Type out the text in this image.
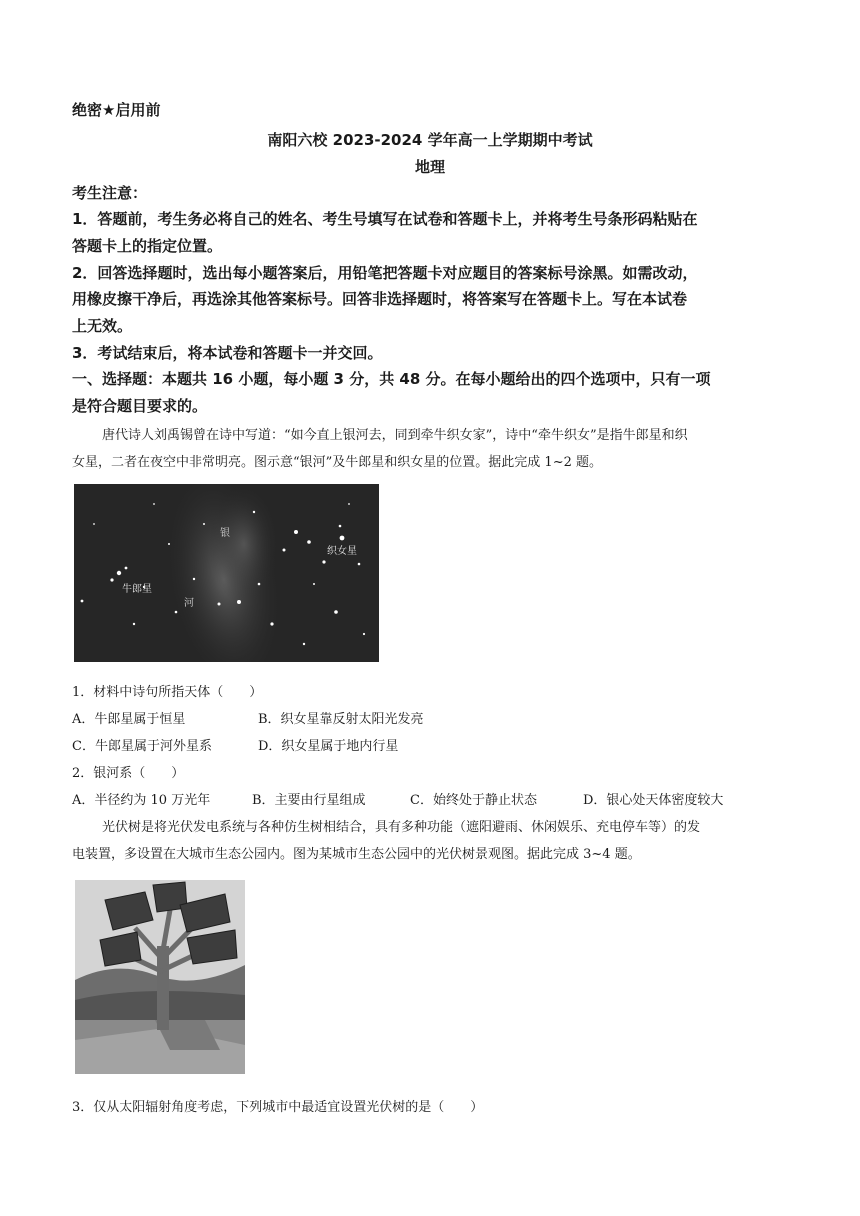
绝密★启用前
南阳六校 2023-2024 学年高一上学期期中考试
地理
考生注意：
1．答题前，考生务必将自己的姓名、考生号填写在试卷和答题卡上，并将考生号条形码粘贴在
答题卡上的指定位置。
2．回答选择题时，选出每小题答案后，用铅笔把答题卡对应题目的答案标号涂黑。如需改动，
用橡皮擦干净后，再选涂其他答案标号。回答非选择题时，将答案写在答题卡上。写在本试卷
上无效。
3．考试结束后，将本试卷和答题卡一并交回。
一、选择题：本题共 16 小题，每小题 3 分，共 48 分。在每小题给出的四个选项中，只有一项
是符合题目要求的。
唐代诗人刘禹锡曾在诗中写道：“如今直上银河去，同到牵牛织女家”，诗中“牵牛织女”是指牛郎星和织
女星，二者在夜空中非常明亮。图示意“银河”及牛郎星和织女星的位置。据此完成 1~2 题。
牛郎星
织女星
银
河
1．材料中诗句所指天体（　　）
A．牛郎星属于恒星	B．织女星靠反射太阳光发亮
C．牛郎星属于河外星系	D．织女星属于地内行星
2．银河系（　　）
A．半径约为 10 万光年	B．主要由行星组成	C．始终处于静止状态	D．银心处天体密度较大
光伏树是将光伏发电系统与各种仿生树相结合，具有多种功能（遮阳避雨、休闲娱乐、充电停车等）的发
电装置，多设置在大城市生态公园内。图为某城市生态公园中的光伏树景观图。据此完成 3~4 题。
3．仅从太阳辐射角度考虑，下列城市中最适宜设置光伏树的是（　　）
